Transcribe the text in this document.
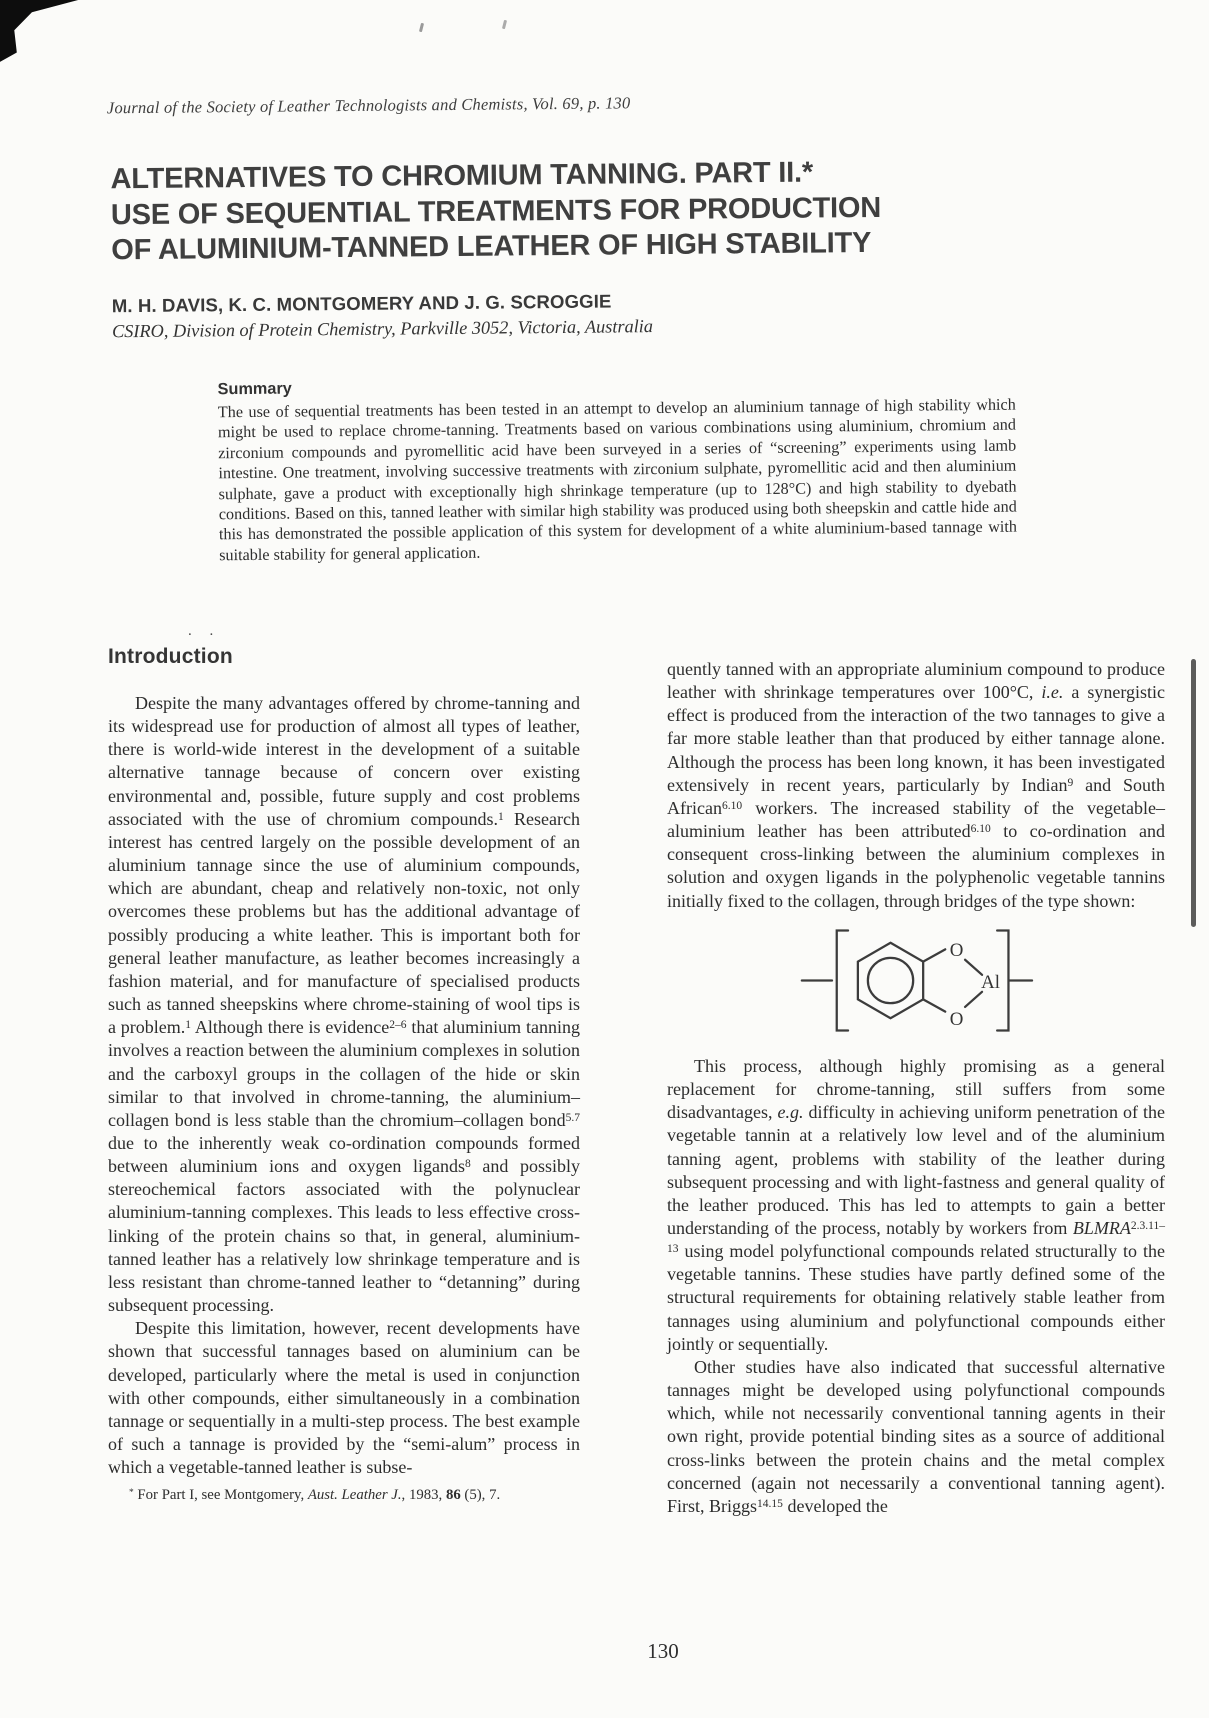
Journal of the Society of Leather Technologists and Chemists, Vol. 69, p. 130
ALTERNATIVES TO CHROMIUM TANNING. PART II.*
USE OF SEQUENTIAL TREATMENTS FOR PRODUCTION
OF ALUMINIUM-TANNED LEATHER OF HIGH STABILITY
M. H. DAVIS, K. C. MONTGOMERY AND J. G. SCROGGIE
CSIRO, Division of Protein Chemistry, Parkville 3052, Victoria, Australia
Summary

The use of sequential treatments has been tested in an attempt to develop an aluminium tannage of high stability which might be used to replace chrome-tanning. Treatments based on various combinations using aluminium, chromium and zirconium compounds and pyromellitic acid have been surveyed in a series of “screening” experiments using lamb intestine. One treatment, involving successive treatments with zirconium sulphate, pyromellitic acid and then aluminium sulphate, gave a product with exceptionally high shrinkage temperature (up to 128°C) and high stability to dyebath conditions. Based on this, tanned leather with similar high stability was produced using both sheepskin and cattle hide and this has demonstrated the possible application of this system for development of a white aluminium-based tannage with suitable stability for general application.

. .
Introduction

Despite the many advantages offered by chrome-tanning and its widespread use for production of almost all types of leather, there is world-wide interest in the development of a suitable alternative tannage because of concern over existing environmental and, possible, future supply and cost problems associated with the use of chromium compounds.$^1$ Research interest has centred largely on the possible development of an aluminium tannage since the use of aluminium compounds, which are abundant, cheap and relatively non-toxic, not only overcomes these problems but has the additional advantage of possibly producing a white leather. This is important both for general leather manufacture, as leather becomes increasingly a fashion material, and for manufacture of specialised products such as tanned sheepskins where chrome-staining of wool tips is a problem.$^1$ Although there is evidence$^{2-6}$ that aluminium tanning involves a reaction between the aluminium complexes in solution and the carboxyl groups in the collagen of the hide or skin similar to that involved in chrome-tanning, the aluminium–collagen bond is less stable than the chromium–collagen bond$^{5.7}$ due to the inherently weak co-ordination compounds formed between aluminium ions and oxygen ligands$^8$ and possibly stereochemical factors associated with the polynuclear aluminium-tanning complexes. This leads to less effective cross-linking of the protein chains so that, in general, aluminium-tanned leather has a relatively low shrinkage temperature and is less resistant than chrome-tanned leather to “detanning” during subsequent processing.

Despite this limitation, however, recent developments have shown that successful tannages based on aluminium can be developed, particularly where the metal is used in conjunction with other compounds, either simultaneously in a combination tannage or sequentially in a multi-step process. The best example of such a tannage is provided by the “semi-alum” process in which a vegetable-tanned leather is subse-

* For Part I, see Montgomery, Aust. Leather J., 1983, 86 (5), 7.

quently tanned with an appropriate aluminium compound to produce leather with shrinkage temperatures over 100°C, i.e. a synergistic effect is produced from the interaction of the two tannages to give a far more stable leather than that produced by either tannage alone. Although the process has been long known, it has been investigated extensively in recent years, particularly by Indian$^9$ and South African$^{6.10}$ workers. The increased stability of the vegetable–aluminium leather has been attributed$^{6.10}$ to co-ordination and consequent cross-linking between the aluminium complexes in solution and oxygen ligands in the polyphenolic vegetable tannins initially fixed to the collagen, through bridges of the type shown:

O
O
Al

This process, although highly promising as a general replacement for chrome-tanning, still suffers from some disadvantages, e.g. difficulty in achieving uniform penetration of the vegetable tannin at a relatively low level and of the aluminium tanning agent, problems with stability of the leather during subsequent processing and with light-fastness and general quality of the leather produced. This has led to attempts to gain a better understanding of the process, notably by workers from $BLMRA^{2.3.11-13}$ using model polyfunctional compounds related structurally to the vegetable tannins. These studies have partly defined some of the structural requirements for obtaining relatively stable leather from tannages using aluminium and polyfunctional compounds either jointly or sequentially.

Other studies have also indicated that successful alternative tannages might be developed using polyfunctional compounds which, while not necessarily conventional tanning agents in their own right, provide potential binding sites as a source of additional cross-links between the protein chains and the metal complex concerned (again not necessarily a conventional tanning agent). First, Briggs$^{14.15}$ developed the

130
